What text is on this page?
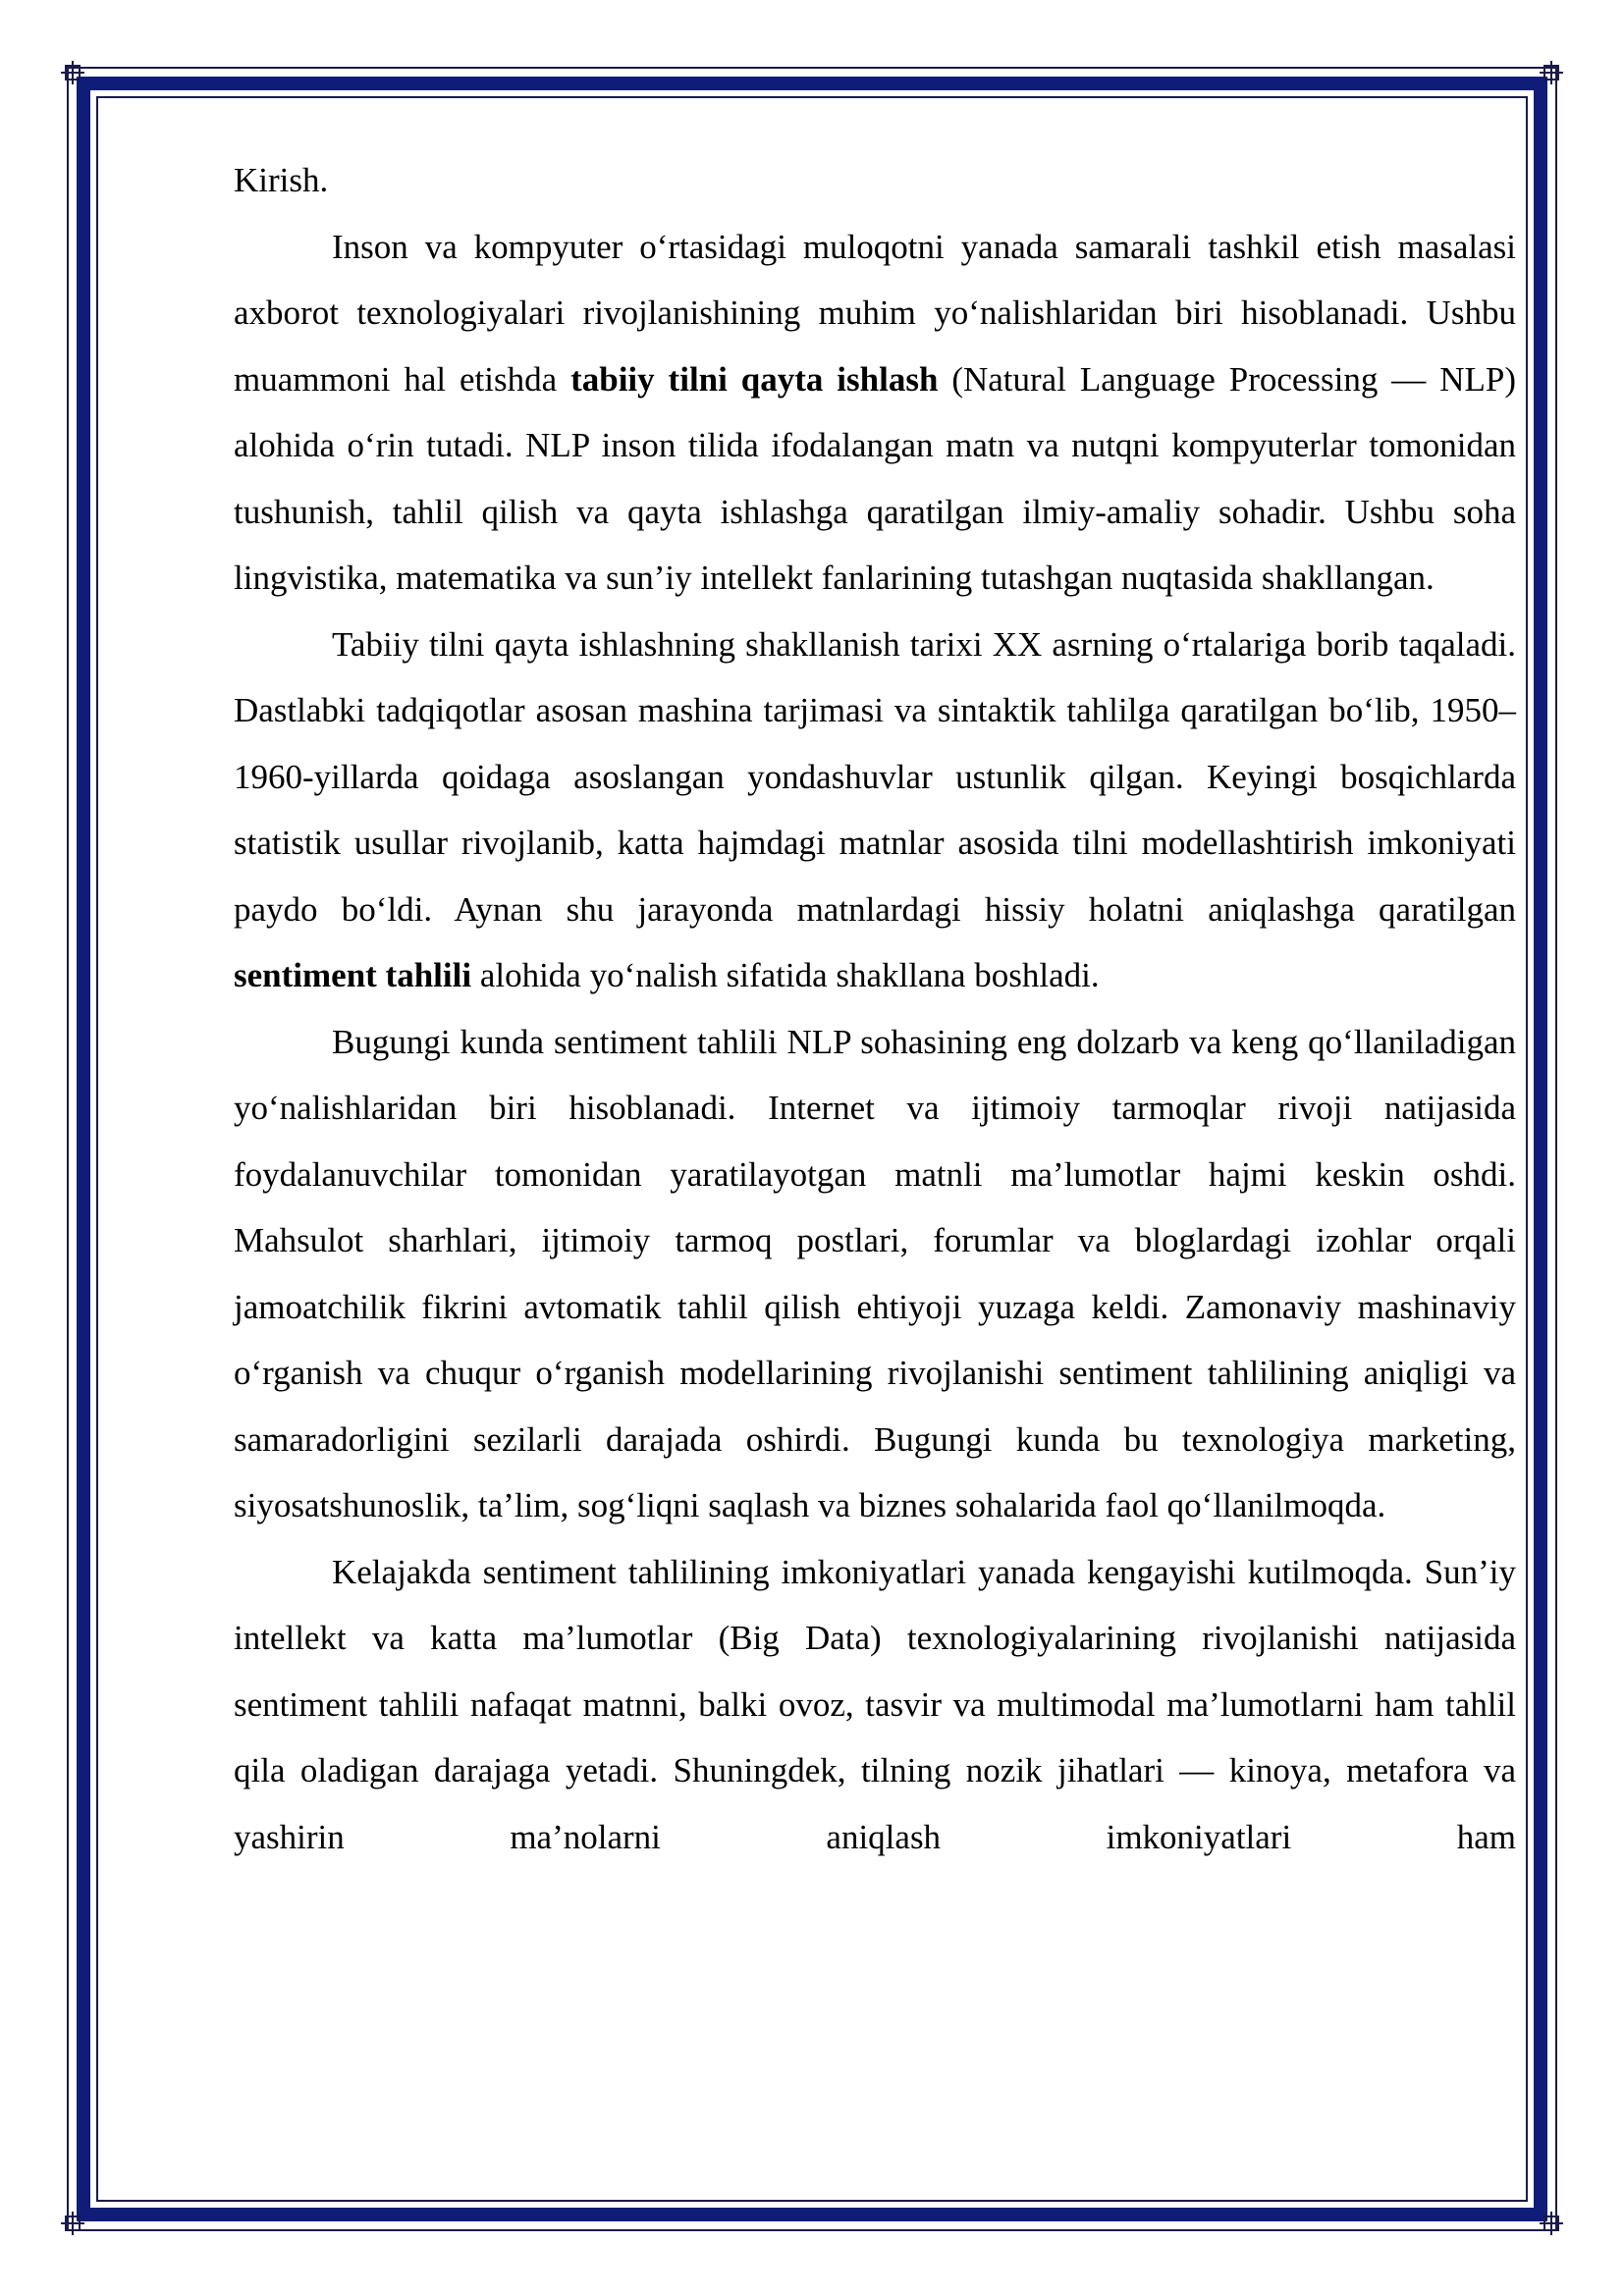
Kirish.

Inson va kompyuter o‘rtasidagi muloqotni yanada samarali tashkil etish masalasi axborot texnologiyalari rivojlanishining muhim yo‘nalishlaridan biri hisoblanadi. Ushbu muammoni hal etishda tabiiy tilni qayta ishlash (Natural Language Processing — NLP) alohida o‘rin tutadi. NLP inson tilida ifodalangan matn va nutqni kompyuterlar tomonidan tushunish, tahlil qilish va qayta ishlashga qaratilgan ilmiy-amaliy sohadir. Ushbu soha lingvistika, matematika va sun’iy intellekt fanlarining tutashgan nuqtasida shakllangan.

Tabiiy tilni qayta ishlashning shakllanish tarixi XX asrning o‘rtalariga borib taqaladi. Dastlabki tadqiqotlar asosan mashina tarjimasi va sintaktik tahlilga qaratilgan bo‘lib, 1950–1960-yillarda qoidaga asoslangan yondashuvlar ustunlik qilgan. Keyingi bosqichlarda statistik usullar rivojlanib, katta hajmdagi matnlar asosida tilni modellashtirish imkoniyati paydo bo‘ldi. Aynan shu jarayonda matnlardagi hissiy holatni aniqlashga qaratilgan sentiment tahlili alohida yo‘nalish sifatida shakllana boshladi.

Bugungi kunda sentiment tahlili NLP sohasining eng dolzarb va keng qo‘llaniladigan yo‘nalishlaridan biri hisoblanadi. Internet va ijtimoiy tarmoqlar rivoji natijasida foydalanuvchilar tomonidan yaratilayotgan matnli ma’lumotlar hajmi keskin oshdi. Mahsulot sharhlari, ijtimoiy tarmoq postlari, forumlar va bloglardagi izohlar orqali jamoatchilik fikrini avtomatik tahlil qilish ehtiyoji yuzaga keldi. Zamonaviy mashinaviy o‘rganish va chuqur o‘rganish modellarining rivojlanishi sentiment tahlilining aniqligi va samaradorligini sezilarli darajada oshirdi. Bugungi kunda bu texnologiya marketing, siyosatshunoslik, ta’lim, sog‘liqni saqlash va biznes sohalarida faol qo‘llanilmoqda.

Kelajakda sentiment tahlilining imkoniyatlari yanada kengayishi kutilmoqda. Sun’iy intellekt va katta ma’lumotlar (Big Data) texnologiyalarining rivojlanishi natijasida sentiment tahlili nafaqat matnni, balki ovoz, tasvir va multimodal ma’lumotlarni ham tahlil qila oladigan darajaga yetadi. Shuningdek, tilning nozik jihatlari — kinoya, metafora va yashirin ma’nolarni aniqlash imkoniyatlari ham
